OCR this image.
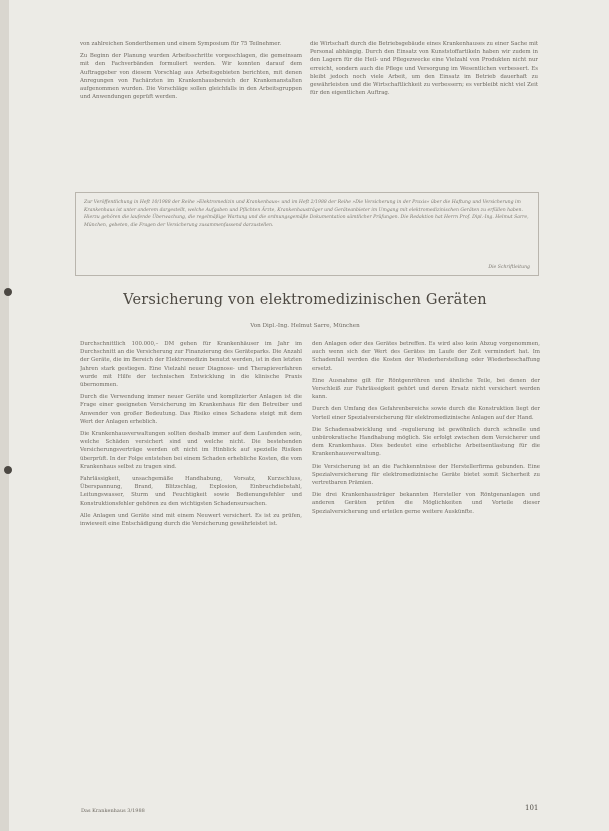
von zahlreichen Sonderthemen und einem Symposium für 75 Teilnehmer.

Zu Beginn der Planung wurden Arbeitsschritte vorgeschlagen, die gemeinsam mit den Fachverbänden formuliert werden. Wir konnten darauf dem Auftraggeber von diesem Vorschlag aus Arbeitsgebieten berichten, mit denen Anregungen von Fachärzten im Krankenhausbereich der Krankenanstalten aufgenommen wurden. Die Vorschläge sollen gleichfalls in den Arbeitsgruppen und Anwendungen geprüft werden.

die Wirtschaft durch die Betriebsgebäude eines Krankenhauses zu einer Sache mit Personal abhängig. Durch den Einsatz von Kunststoffartikeln haben wir zudem in den Lagern für die Heil- und Pflegezwecke eine Vielzahl von Produkten nicht nur erreicht, sondern auch die Pflege und Versorgung im Wesentlichen verbessert. Es bleibt jedoch noch viele Arbeit, um den Einsatz im Betrieb dauerhaft zu gewährleisten und die Wirtschaftlichkeit zu verbessern; es verbleibt nicht viel Zeit für den eigentlichen Auftrag.

Zur Veröffentlichung in Heft 10/1988 der Reihe »Elektromedizin und Krankenhaus« und im Heft 2/1988 der Reihe »Die Versicherung in der Praxis« über die Haftung und Versicherung im Krankenhaus ist unter anderem dargestellt, welche Aufgaben und Pflichten Ärzte, Krankenhausträger und Geräteanbieter im Umgang mit elektromedizinischen Geräten zu erfüllen haben. Hierzu gehören die laufende Überwachung, die regelmäßige Wartung und die ordnungsgemäße Dokumentation sämtlicher Prüfungen. Die Redaktion hat Herrn Prof. Dipl.-Ing. Helmut Sarre, München, gebeten, die Fragen der Versicherung zusammenfassend darzustellen.
Die Schriftleitung
Versicherung von elektromedizinischen Geräten
Von Dipl.-Ing. Helmut Sarre, München

Durchschnittlich 100.000,– DM gehen für Krankenhäuser im Jahr im Durchschnitt an die Versicherung zur Finanzierung des Geräteparks. Die Anzahl der Geräte, die im Bereich der Elektromedizin benutzt werden, ist in den letzten Jahren stark gestiegen. Eine Vielzahl neuer Diagnose- und Therapieverfahren wurde mit Hilfe der technischen Entwicklung in die klinische Praxis übernommen.

Durch die Verwendung immer neuer Geräte und komplizierter Anlagen ist die Frage einer geeigneten Versicherung im Krankenhaus für den Betreiber und Anwender von großer Bedeutung. Das Risiko eines Schadens steigt mit dem Wert der Anlagen erheblich.

Die Krankenhausverwaltungen sollten deshalb immer auf dem Laufenden sein, welche Schäden versichert sind und welche nicht. Die bestehenden Versicherungsverträge werden oft nicht im Hinblick auf spezielle Risiken überprüft. In der Folge entstehen bei einem Schaden erhebliche Kosten, die vom Krankenhaus selbst zu tragen sind.

Fahrlässigkeit, unsachgemäße Handhabung, Vorsatz, Kurzschluss, Überspannung, Brand, Blitzschlag, Explosion, Einbruchdiebstahl, Leitungswasser, Sturm und Feuchtigkeit sowie Bedienungsfehler und Konstruktionsfehler gehören zu den wichtigsten Schadensursachen.

Alle Anlagen und Geräte sind mit einem Neuwert versichert. Es ist zu prüfen, inwieweit eine Entschädigung durch die Versicherung gewährleistet ist.

den Anlagen oder des Gerätes betreffen. Es wird also kein Abzug vorgenommen, auch wenn sich der Wert des Gerätes im Laufe der Zeit vermindert hat. Im Schadenfall werden die Kosten der Wiederherstellung oder Wiederbeschaffung ersetzt.

Eine Ausnahme gilt für Röntgenröhren und ähnliche Teile, bei denen der Verschleiß zur Fahrlässigkeit gehört und deren Ersatz nicht versichert werden kann.

Durch den Umfang des Gefahrenbereichs sowie durch die Konstruktion liegt der Vorteil einer Spezialversicherung für elektromedizinische Anlagen auf der Hand.

Die Schadensabwicklung und -regulierung ist gewöhnlich durch schnelle und unbürokratische Handhabung möglich. Sie erfolgt zwischen dem Versicherer und dem Krankenhaus. Dies bedeutet eine erhebliche Arbeitsentlastung für die Krankenhausverwaltung.

Die Versicherung ist an die Fachkenntnisse der Herstellerfirma gebunden. Eine Spezialversicherung für elektromedizinische Geräte bietet somit Sicherheit zu vertretbaren Prämien.

Die drei Krankenhausträger bekannten Hersteller von Röntgenanlagen und anderen Geräten prüfen die Möglichkeiten und Vorteile dieser Spezialversicherung und erteilen gerne weitere Auskünfte.

Das Krankenhaus 3/1988	101
